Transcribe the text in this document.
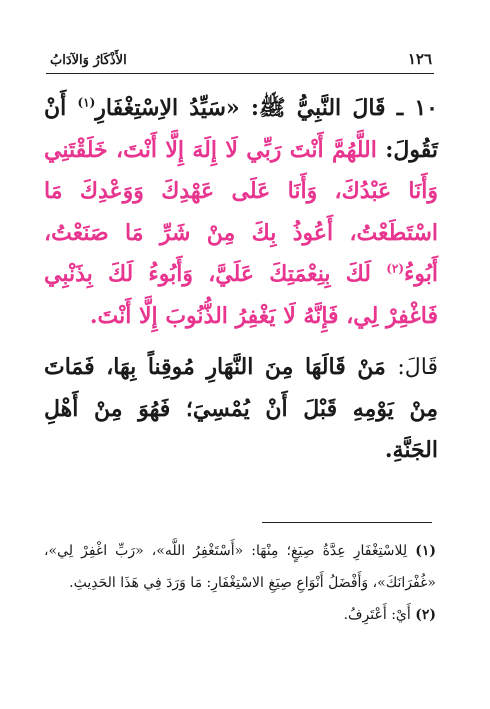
الأَذْكَارُ وَالآدَابُ	١٢٦
١٠ ـ قَالَ النَّبِيُّ ﷺ: «سَيِّدُ الاِسْتِغْفَارِ$^{(١)}$ أَنْ تَقُولَ: اللَّهُمَّ أَنْتَ رَبِّي لَا إِلَهَ إِلَّا أَنْتَ، خَلَقْتَنِي وَأَنَا عَبْدُكَ، وَأَنَا عَلَى عَهْدِكَ وَوَعْدِكَ مَا اسْتَطَعْتُ، أَعُوذُ بِكَ مِنْ شَرِّ مَا صَنَعْتُ، أَبُوءُ$^{(٢)}$ لَكَ بِنِعْمَتِكَ عَلَيَّ، وَأَبُوءُ لَكَ بِذَنْبِي فَاغْفِرْ لِي، فَإِنَّهُ لَا يَغْفِرُ الذُّنُوبَ إِلَّا أَنْتَ.
قَالَ: مَنْ قَالَهَا مِنَ النَّهَارِ مُوقِناً بِهَا، فَمَاتَ مِنْ يَوْمِهِ قَبْلَ أَنْ يُمْسِيَ؛ فَهُوَ مِنْ أَهْلِ الجَنَّةِ.
(١) لِلاسْتِغْفَارِ عِدَّةُ صِيَغٍ؛ مِنْهَا: «أَسْتَغْفِرُ اللَّه»، «رَبِّ اغْفِرْ لِي»، «غُفْرَانَكَ»، وَأَفْضَلُ أَنْوَاعِ صِيَغِ الاسْتِغْفَارِ: مَا وَرَدَ فِي هَذَا الحَدِيثِ.
(٢) أَيْ: أَعْتَرِفُ.
